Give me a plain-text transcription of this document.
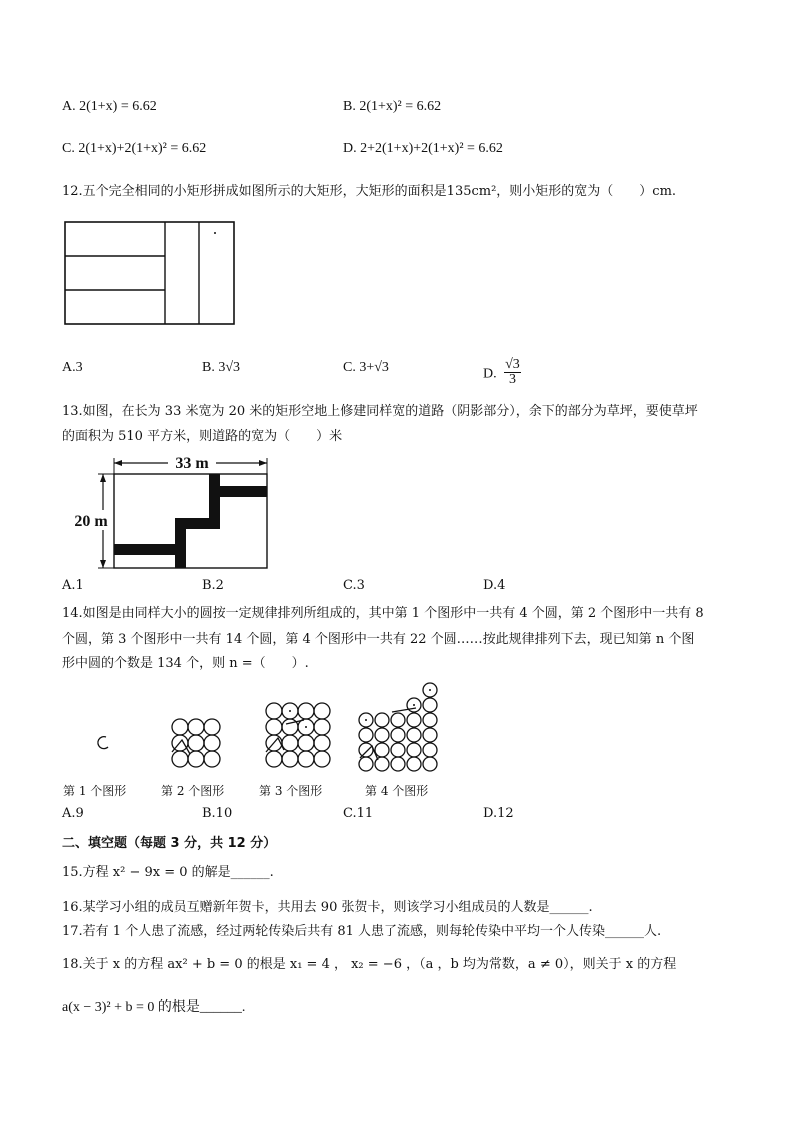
A. 2(1+x) = 6.62	B. 2(1+x)² = 6.62
C. 2(1+x)+2(1+x)² = 6.62	D. 2+2(1+x)+2(1+x)² = 6.62
12.五个完全相同的小矩形拼成如图所示的大矩形，大矩形的面积是135cm²，则小矩形的宽为（　　）cm.
A.3	B. 3√3	C. 3+√3	D. $\frac{√3}{3}$
13.如图，在长为 33 米宽为 20 米的矩形空地上修建同样宽的道路（阴影部分），余下的部分为草坪，要使草坪
的面积为 510 平方米，则道路的宽为（　　）米
33 m
20 m
A.1	B.2	C.3	D.4
14.如图是由同样大小的圆按一定规律排列所组成的，其中第 1 个图形中一共有 4 个圆，第 2 个图形中一共有 8
个圆，第 3 个图形中一共有 14 个圆，第 4 个图形中一共有 22 个圆……按此规律排列下去，现已知第 n 个图
形中圆的个数是 134 个，则 n =（　　）.
第 1 个图形	第 2 个图形	第 3 个图形	第 4 个图形
A.9	B.10	C.11	D.12
二、填空题（每题 3 分，共 12 分）
15.方程 x² − 9x = 0 的解是______.
16.某学习小组的成员互赠新年贺卡，共用去 90 张贺卡，则该学习小组成员的人数是______.
17.若有 1 个人患了流感，经过两轮传染后共有 81 人患了流感，则每轮传染中平均一个人传染______人.
18.关于 x 的方程 ax² + b = 0 的根是 x₁ = 4 ， x₂ = −6 ，（a ，b 均为常数，a ≠ 0），则关于 x 的方程
a(x − 3)² + b = 0 的根是______.
